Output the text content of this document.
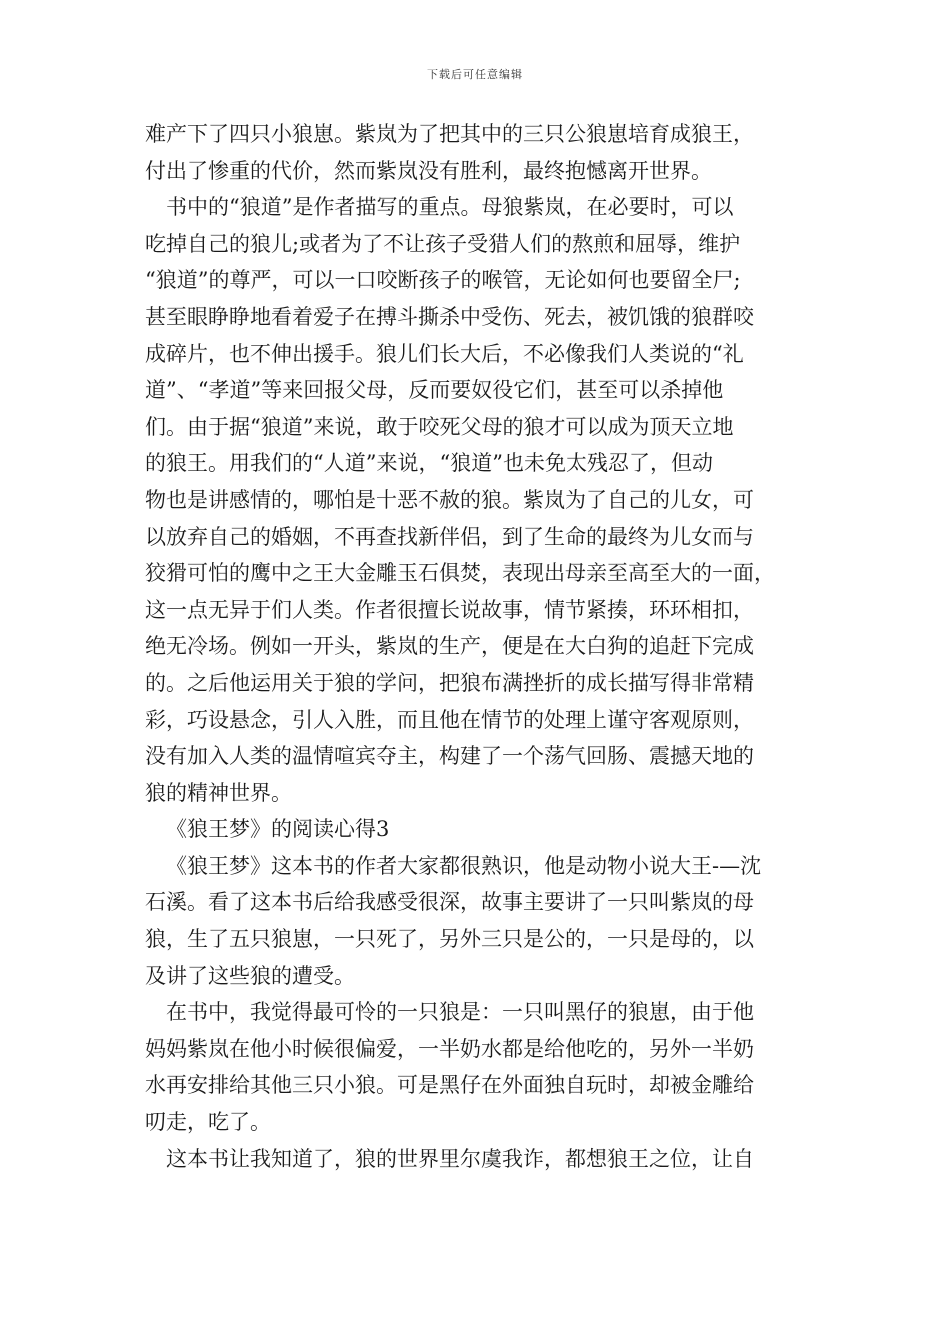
下载后可任意编辑
难产下了四只小狼崽。紫岚为了把其中的三只公狼崽培育成狼王，
付出了惨重的代价，然而紫岚没有胜利，最终抱憾离开世界。
书中的“狼道”是作者描写的重点。母狼紫岚，在必要时，可以
吃掉自己的狼儿;或者为了不让孩子受猎人们的熬煎和屈辱，维护
“狼道”的尊严，可以一口咬断孩子的喉管，无论如何也要留全尸;
甚至眼睁睁地看着爱子在搏斗撕杀中受伤、死去，被饥饿的狼群咬
成碎片，也不伸出援手。狼儿们长大后，不必像我们人类说的“礼
道”、“孝道”等来回报父母，反而要奴役它们，甚至可以杀掉他
们。由于据“狼道”来说，敢于咬死父母的狼才可以成为顶天立地
的狼王。用我们的“人道”来说，“狼道”也未免太残忍了，但动
物也是讲感情的，哪怕是十恶不赦的狼。紫岚为了自己的儿女，可
以放弃自己的婚姻，不再查找新伴侣，到了生命的最终为儿女而与
狡猾可怕的鹰中之王大金雕玉石俱焚，表现出母亲至高至大的一面，
这一点无异于们人类。作者很擅长说故事，情节紧揍，环环相扣，
绝无冷场。例如一开头，紫岚的生产，便是在大白狗的追赶下完成
的。之后他运用关于狼的学问，把狼布满挫折的成长描写得非常精
彩，巧设悬念，引人入胜，而且他在情节的处理上谨守客观原则，
没有加入人类的温情喧宾夺主，构建了一个荡气回肠、震撼天地的
狼的精神世界。
《狼王梦》的阅读心得3
《狼王梦》这本书的作者大家都很熟识，他是动物小说大王-—沈
石溪。看了这本书后给我感受很深，故事主要讲了一只叫紫岚的母
狼，生了五只狼崽，一只死了，另外三只是公的，一只是母的，以
及讲了这些狼的遭受。
在书中，我觉得最可怜的一只狼是：一只叫黑仔的狼崽，由于他
妈妈紫岚在他小时候很偏爱，一半奶水都是给他吃的，另外一半奶
水再安排给其他三只小狼。可是黑仔在外面独自玩时，却被金雕给
叨走，吃了。
这本书让我知道了，狼的世界里尔虞我诈，都想狼王之位，让自
